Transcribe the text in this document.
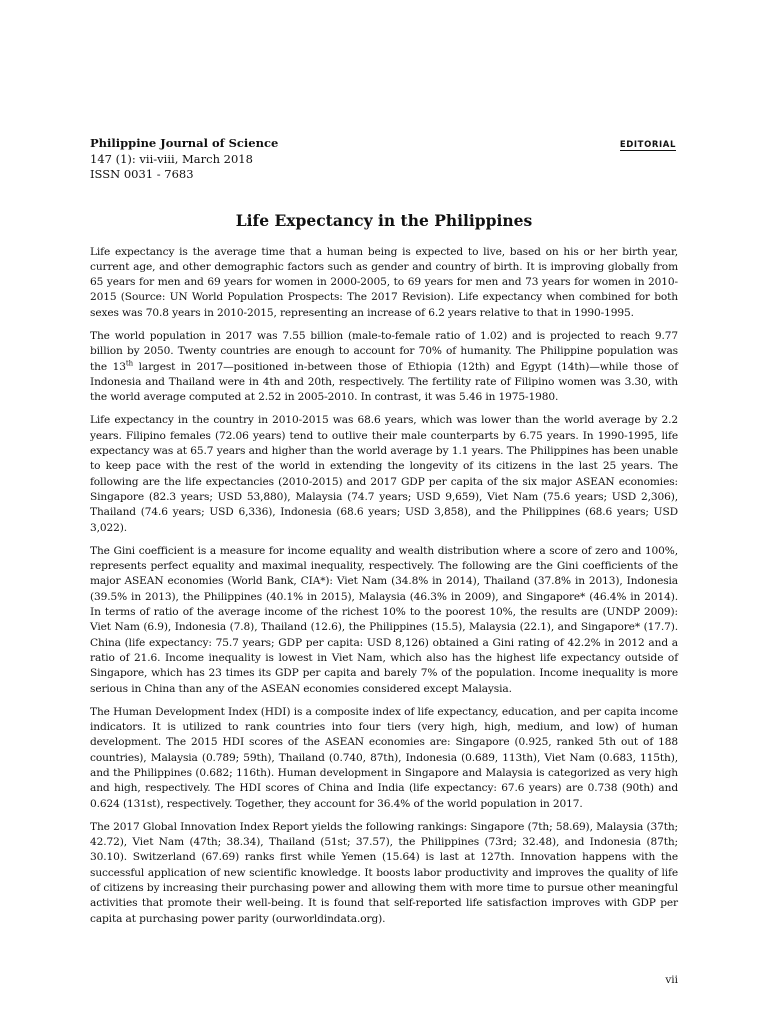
Philippine Journal of Science
147 (1): vii-viii, March 2018
ISSN 0031 - 7683
EDITORIAL
Life Expectancy in the Philippines

Life expectancy is the average time that a human being is expected to live, based on his or her birth year, current age, and other demographic factors such as gender and country of birth. It is improving globally from 65 years for men and 69 years for women in 2000-2005, to 69 years for men and 73 years for women in 2010-2015 (Source: UN World Population Prospects: The 2017 Revision). Life expectancy when combined for both sexes was 70.8 years in 2010-2015, representing an increase of 6.2 years relative to that in 1990-1995.

The world population in 2017 was 7.55 billion (male-to-female ratio of 1.02) and is projected to reach 9.77 billion by 2050. Twenty countries are enough to account for 70% of humanity. The Philippine population was the 13th largest in 2017—positioned in-between those of Ethiopia (12th) and Egypt (14th)—while those of Indonesia and Thailand were in 4th and 20th, respectively. The fertility rate of Filipino women was 3.30, with the world average computed at 2.52 in 2005-2010. In contrast, it was 5.46 in 1975-1980.

Life expectancy in the country in 2010-2015 was 68.6 years, which was lower than the world average by 2.2 years. Filipino females (72.06 years) tend to outlive their male counterparts by 6.75 years. In 1990-1995, life expectancy was at 65.7 years and higher than the world average by 1.1 years. The Philippines has been unable to keep pace with the rest of the world in extending the longevity of its citizens in the last 25 years. The following are the life expectancies (2010-2015) and 2017 GDP per capita of the six major ASEAN economies: Singapore (82.3 years; USD 53,880), Malaysia (74.7 years; USD 9,659), Viet Nam (75.6 years; USD 2,306), Thailand (74.6 years; USD 6,336), Indonesia (68.6 years; USD 3,858), and the Philippines (68.6 years; USD 3,022).

The Gini coefficient is a measure for income equality and wealth distribution where a score of zero and 100%, represents perfect equality and maximal inequality, respectively. The following are the Gini coefficients of the major ASEAN economies (World Bank, CIA*): Viet Nam (34.8% in 2014), Thailand (37.8% in 2013), Indonesia (39.5% in 2013), the Philippines (40.1% in 2015), Malaysia (46.3% in 2009), and Singapore* (46.4% in 2014). In terms of ratio of the average income of the richest 10% to the poorest 10%, the results are (UNDP 2009): Viet Nam (6.9), Indonesia (7.8), Thailand (12.6), the Philippines (15.5), Malaysia (22.1), and Singapore* (17.7). China (life expectancy: 75.7 years; GDP per capita: USD 8,126) obtained a Gini rating of 42.2% in 2012 and a ratio of 21.6. Income inequality is lowest in Viet Nam, which also has the highest life expectancy outside of Singapore, which has 23 times its GDP per capita and barely 7% of the population. Income inequality is more serious in China than any of the ASEAN economies considered except Malaysia.

The Human Development Index (HDI) is a composite index of life expectancy, education, and per capita income indicators. It is utilized to rank countries into four tiers (very high, high, medium, and low) of human development. The 2015 HDI scores of the ASEAN economies are: Singapore (0.925, ranked 5th out of 188 countries), Malaysia (0.789; 59th), Thailand (0.740, 87th), Indonesia (0.689, 113th), Viet Nam (0.683, 115th), and the Philippines (0.682; 116th). Human development in Singapore and Malaysia is categorized as very high and high, respectively. The HDI scores of China and India (life expectancy: 67.6 years) are 0.738 (90th) and 0.624 (131st), respectively. Together, they account for 36.4% of the world population in 2017.

The 2017 Global Innovation Index Report yields the following rankings: Singapore (7th; 58.69), Malaysia (37th; 42.72), Viet Nam (47th; 38.34), Thailand (51st; 37.57), the Philippines (73rd; 32.48), and Indonesia (87th; 30.10). Switzerland (67.69) ranks first while Yemen (15.64) is last at 127th. Innovation happens with the successful application of new scientific knowledge. It boosts labor productivity and improves the quality of life of citizens by increasing their purchasing power and allowing them with more time to pursue other meaningful activities that promote their well-being. It is found that self-reported life satisfaction improves with GDP per capita at purchasing power parity (ourworldindata.org).

vii
